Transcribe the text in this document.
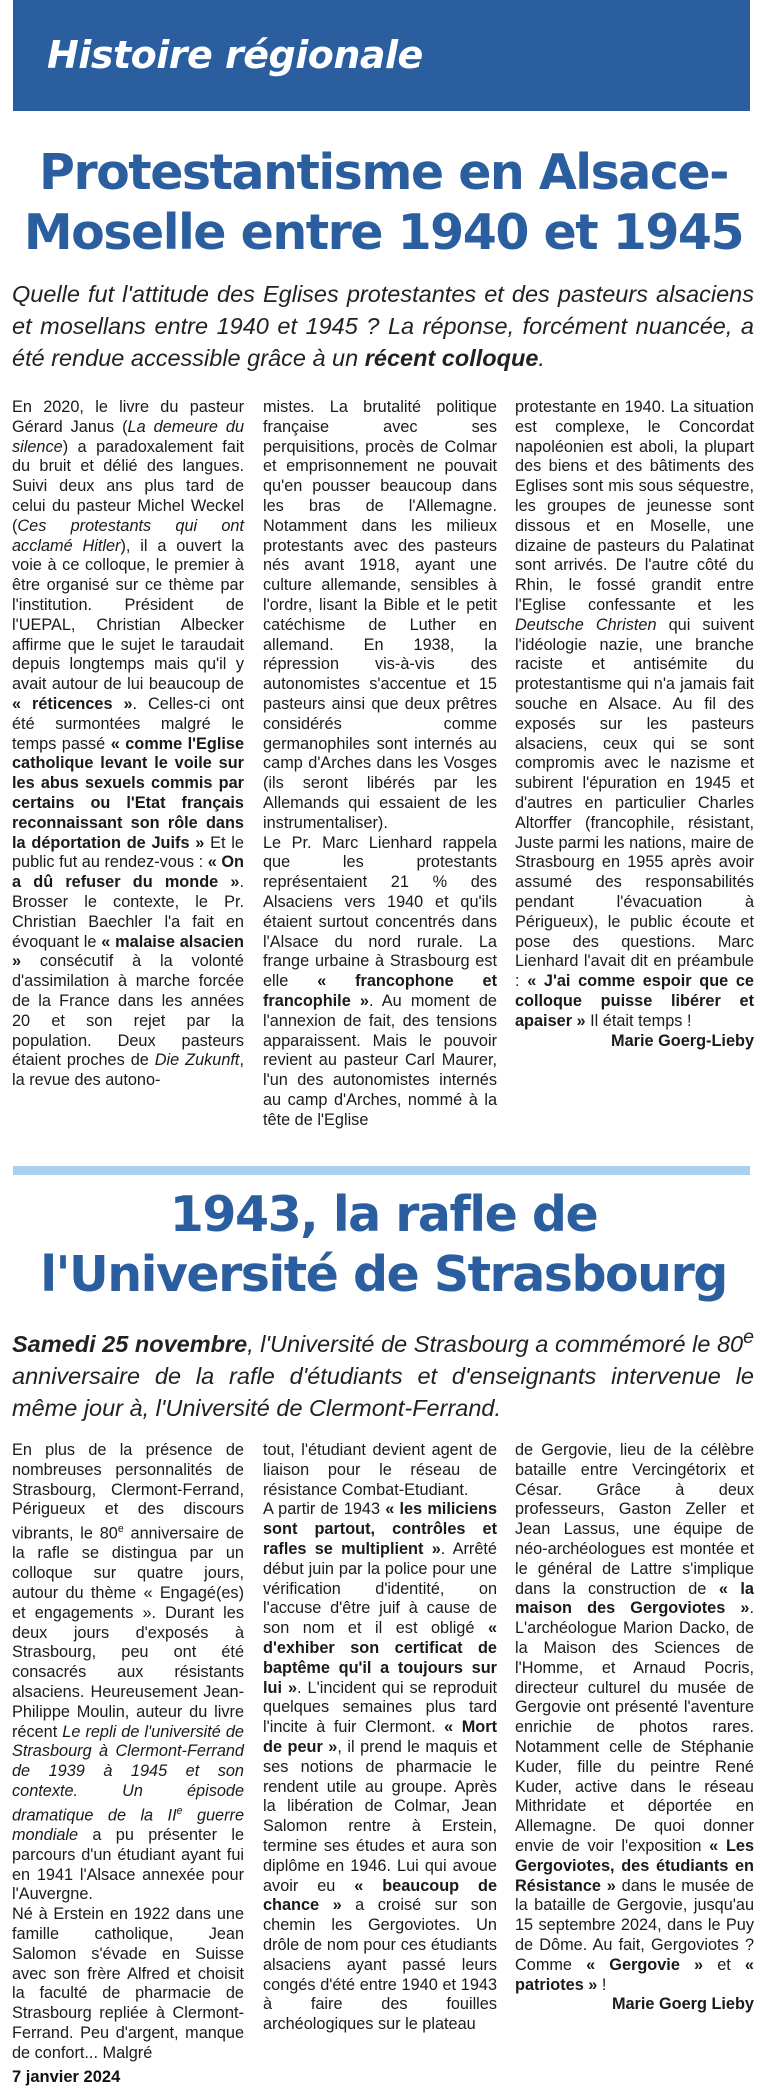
Histoire régionale
Protestantisme en Alsace-
Moselle entre 1940 et 1945

Quelle fut l'attitude des Eglises protestantes et des pasteurs alsaciens et mosellans entre 1940 et 1945 ? La réponse, forcément nuancée, a été rendue accessible grâce à un récent colloque.

En 2020, le livre du pasteur Gérard Janus (La demeure du silence) a paradoxalement fait du bruit et délié des langues. Suivi deux ans plus tard de celui du pasteur Michel Weckel (Ces protestants qui ont acclamé Hitler), il a ouvert la voie à ce colloque, le premier à être organisé sur ce thème par l'institution. Président de l'UEPAL, Christian Albecker affirme que le sujet le taraudait depuis longtemps mais qu'il y avait autour de lui beaucoup de « réticences ». Celles-ci ont été surmontées malgré le temps passé « comme l'Eglise catholique levant le voile sur les abus sexuels commis par certains ou l'Etat français reconnaissant son rôle dans la déportation de Juifs » Et le public fut au rendez-vous : « On a dû refuser du monde ». Brosser le contexte, le Pr. Christian Baechler l'a fait en évoquant le « malaise alsacien » consécutif à la volonté d'assimilation à marche forcée de la France dans les années 20 et son rejet par la population. Deux pasteurs étaient proches de Die Zukunft, la revue des autono-

mistes. La brutalité politique française avec ses perquisitions, procès de Colmar et emprisonnement ne pouvait qu'en pousser beaucoup dans les bras de l'Allemagne. Notamment dans les milieux protestants avec des pasteurs nés avant 1918, ayant une culture allemande, sensibles à l'ordre, lisant la Bible et le petit catéchisme de Luther en allemand. En 1938, la répression vis-à-vis des autonomistes s'accentue et 15 pasteurs ainsi que deux prêtres considérés comme germanophiles sont internés au camp d'Arches dans les Vosges (ils seront libérés par les Allemands qui essaient de les instrumentaliser).

Le Pr. Marc Lienhard rappela que les protestants représentaient 21 % des Alsaciens vers 1940 et qu'ils étaient surtout concentrés dans l'Alsace du nord rurale. La frange urbaine à Strasbourg est elle « francophone et francophile ». Au moment de l'annexion de fait, des tensions apparaissent. Mais le pouvoir revient au pasteur Carl Maurer, l'un des autonomistes internés au camp d'Arches, nommé à la tête de l'Eglise

protestante en 1940. La situation est complexe, le Concordat napoléonien est aboli, la plupart des biens et des bâtiments des Eglises sont mis sous séquestre, les groupes de jeunesse sont dissous et en Moselle, une dizaine de pasteurs du Palatinat sont arrivés. De l'autre côté du Rhin, le fossé grandit entre l'Eglise confessante et les Deutsche Christen qui suivent l'idéologie nazie, une branche raciste et antisémite du protestantisme qui n'a jamais fait souche en Alsace. Au fil des exposés sur les pasteurs alsaciens, ceux qui se sont compromis avec le nazisme et subirent l'épuration en 1945 et d'autres en particulier Charles Altorffer (francophile, résistant, Juste parmi les nations, maire de Strasbourg en 1955 après avoir assumé des responsabilités pendant l'évacuation à Périgueux), le public écoute et pose des questions. Marc Lienhard l'avait dit en préambule : « J'ai comme espoir que ce colloque puisse libérer et apaiser » Il était temps !

Marie Goerg-Lieby

1943, la rafle de
l'Université de Strasbourg

Samedi 25 novembre, l'Université de Strasbourg a commémoré le 80e anniversaire de la rafle d'étudiants et d'enseignants intervenue le même jour à, l'Université de Clermont-Ferrand.

En plus de la présence de nombreuses personnalités de Strasbourg, Clermont-Ferrand, Périgueux et des discours vibrants, le 80e anniversaire de la rafle se distingua par un colloque sur quatre jours, autour du thème « Engagé(es) et engagements ». Durant les deux jours d'exposés à Strasbourg, peu ont été consacrés aux résistants alsaciens. Heureusement Jean-Philippe Moulin, auteur du livre récent Le repli de l'université de Strasbourg à Clermont-Ferrand de 1939 à 1945 et son contexte. Un épisode dramatique de la IIe guerre mondiale a pu présenter le parcours d'un étudiant ayant fui en 1941 l'Alsace annexée pour l'Auvergne.

Né à Erstein en 1922 dans une famille catholique, Jean Salomon s'évade en Suisse avec son frère Alfred et choisit la faculté de pharmacie de Strasbourg repliée à Clermont-Ferrand. Peu d'argent, manque de confort... Malgré

tout, l'étudiant devient agent de liaison pour le réseau de résistance Combat-Etudiant.

A partir de 1943 « les miliciens sont partout, contrôles et rafles se multiplient ». Arrêté début juin par la police pour une vérification d'identité, on l'accuse d'être juif à cause de son nom et il est obligé « d'exhiber son certificat de baptême qu'il a toujours sur lui ». L'incident qui se reproduit quelques semaines plus tard l'incite à fuir Clermont. « Mort de peur », il prend le maquis et ses notions de pharmacie le rendent utile au groupe. Après la libération de Colmar, Jean Salomon rentre à Erstein, termine ses études et aura son diplôme en 1946. Lui qui avoue avoir eu « beaucoup de chance » a croisé sur son chemin les Gergoviotes. Un drôle de nom pour ces étudiants alsaciens ayant passé leurs congés d'été entre 1940 et 1943 à faire des fouilles archéologiques sur le plateau

de Gergovie, lieu de la célèbre bataille entre Vercingétorix et César. Grâce à deux professeurs, Gaston Zeller et Jean Lassus, une équipe de néo-archéologues est montée et le général de Lattre s'implique dans la construction de « la maison des Gergoviotes ». L'archéologue Marion Dacko, de la Maison des Sciences de l'Homme, et Arnaud Pocris, directeur culturel du musée de Gergovie ont présenté l'aventure enrichie de photos rares. Notamment celle de Stéphanie Kuder, fille du peintre René Kuder, active dans le réseau Mithridate et déportée en Allemagne. De quoi donner envie de voir l'exposition « Les Gergoviotes, des étudiants en Résistance » dans le musée de la bataille de Gergovie, jusqu'au 15 septembre 2024, dans le Puy de Dôme. Au fait, Gergoviotes ? Comme « Gergovie » et « patriotes » !

Marie Goerg Lieby

7 janvier 2024
